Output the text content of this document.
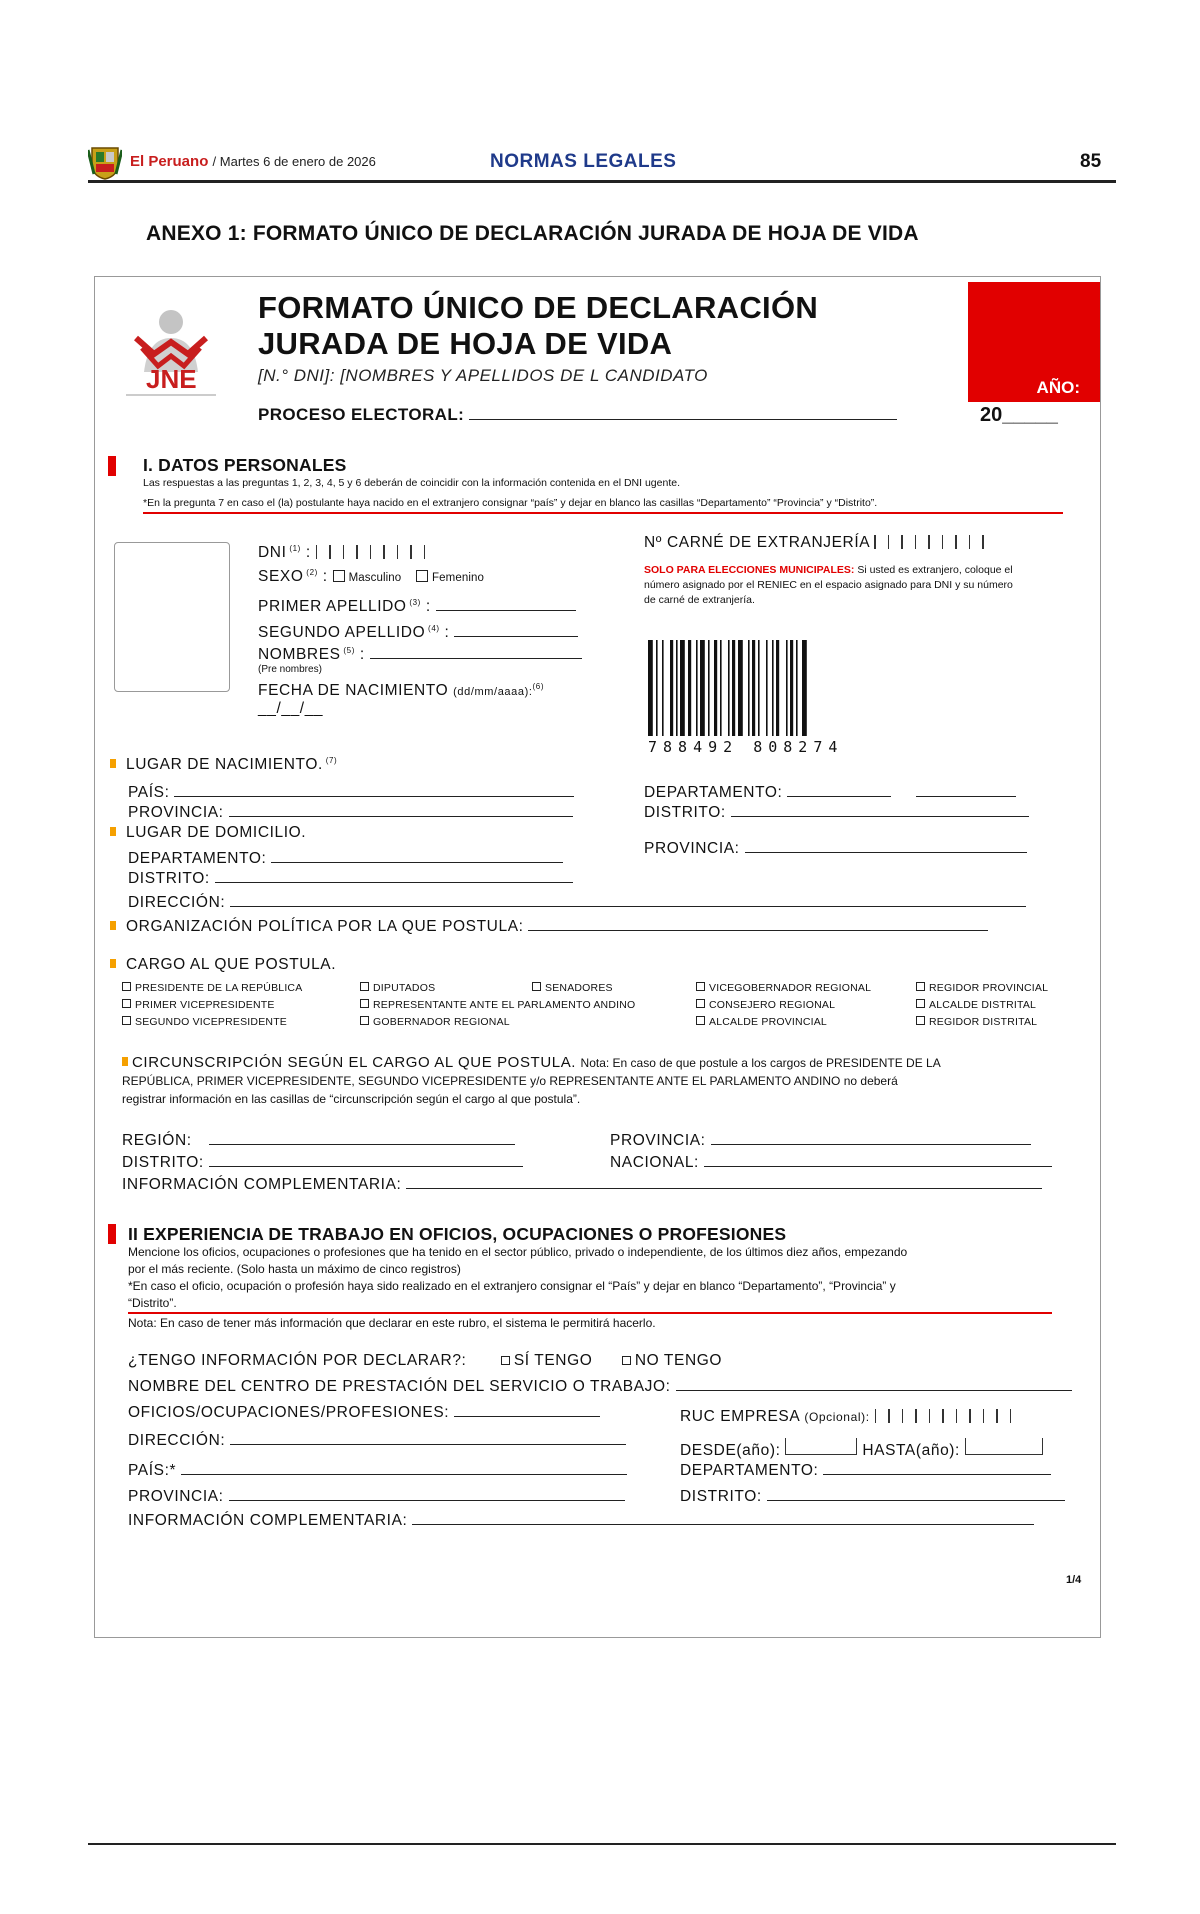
El Peruano / Martes 6 de enero de 2026	NORMAS LEGALES	85
ANEXO 1: FORMATO ÚNICO DE DECLARACIÓN JURADA DE HOJA DE VIDA
JNE
FORMATO ÚNICO DE DECLARACIÓN
JURADA DE HOJA DE VIDA
[N.° DNI]: [NOMBRES Y APELLIDOS DE L CANDIDATO
PROCESO ELECTORAL:
AÑO:
20_____
I. DATOS PERSONALES
Las respuestas a las preguntas 1, 2, 3, 4, 5 y 6 deberán de coincidir con la información contenida en el DNI ugente.
*En la pregunta 7 en caso el (la) postulante haya nacido en el extranjero consignar “país” y dejar en blanco las casillas “Departamento” “Provincia” y “Distrito”.
DNI $^{(1)}$ :
SEXO $^{(2)}$ : Masculino	Femenino
PRIMER APELLIDO $^{(3)}$ :
SEGUNDO APELLIDO $^{(4)}$ :
NOMBRES $^{(5)}$ :
(Pre nombres)
FECHA DE NACIMIENTO (dd/mm/aaaa):$^{(6)}$
__/__/__
Nº CARNÉ DE EXTRANJERÍA
SOLO PARA ELECCIONES MUNICIPALES: Si usted es extranjero, coloque el
número asignado por el RENIEC en el espacio asignado para DNI y su número
de carné de extranjería.
788492 808274
LUGAR DE NACIMIENTO. $^{(7)}$
PAÍS:
PROVINCIA:
DEPARTAMENTO:
DISTRITO:
LUGAR DE DOMICILIO.
DEPARTAMENTO:
DISTRITO:
PROVINCIA:
DIRECCIÓN:
ORGANIZACIÓN POLÍTICA POR LA QUE POSTULA:
CARGO AL QUE POSTULA.
PRESIDENTE DE LA REPÚBLICA
PRIMER VICEPRESIDENTE
SEGUNDO VICEPRESIDENTE
DIPUTADOS
REPRESENTANTE ANTE EL PARLAMENTO ANDINO
GOBERNADOR REGIONAL
SENADORES	VICEGOBERNADOR REGIONAL
CONSEJERO REGIONAL
ALCALDE PROVINCIAL
REGIDOR PROVINCIAL
ALCALDE DISTRITAL
REGIDOR DISTRITAL
CIRCUNSCRIPCIÓN SEGÚN EL CARGO AL QUE POSTULA. Nota: En caso de que postule a los cargos de PRESIDENTE DE LA
REPÚBLICA, PRIMER VICEPRESIDENTE, SEGUNDO VICEPRESIDENTE y/o REPRESENTANTE ANTE EL PARLAMENTO ANDINO no deberá
registrar información en las casillas de “circunscripción según el cargo al que postula”.
REGIÓN:
DISTRITO:
PROVINCIA:
NACIONAL:
INFORMACIÓN COMPLEMENTARIA:
II EXPERIENCIA DE TRABAJO EN OFICIOS, OCUPACIONES O PROFESIONES
Mencione los oficios, ocupaciones o profesiones que ha tenido en el sector público, privado o independiente, de los últimos diez años, empezando
por el más reciente. (Solo hasta un máximo de cinco registros)
*En caso el oficio, ocupación o profesión haya sido realizado en el extranjero consignar el “País” y dejar en blanco “Departamento”, “Provincia” y
“Distrito”.
Nota: En caso de tener más información que declarar en este rubro, el sistema le permitirá hacerlo.
¿TENGO INFORMACIÓN POR DECLARAR?:	SÍ TENGO	NO TENGO
NOMBRE DEL CENTRO DE PRESTACIÓN DEL SERVICIO O TRABAJO:
OFICIOS/OCUPACIONES/PROFESIONES:	RUC EMPRESA (Opcional):
DIRECCIÓN:
DESDE(año):	HASTA(año):
PAÍS:*	DEPARTAMENTO:
PROVINCIA:	DISTRITO:
INFORMACIÓN COMPLEMENTARIA:
1/4
